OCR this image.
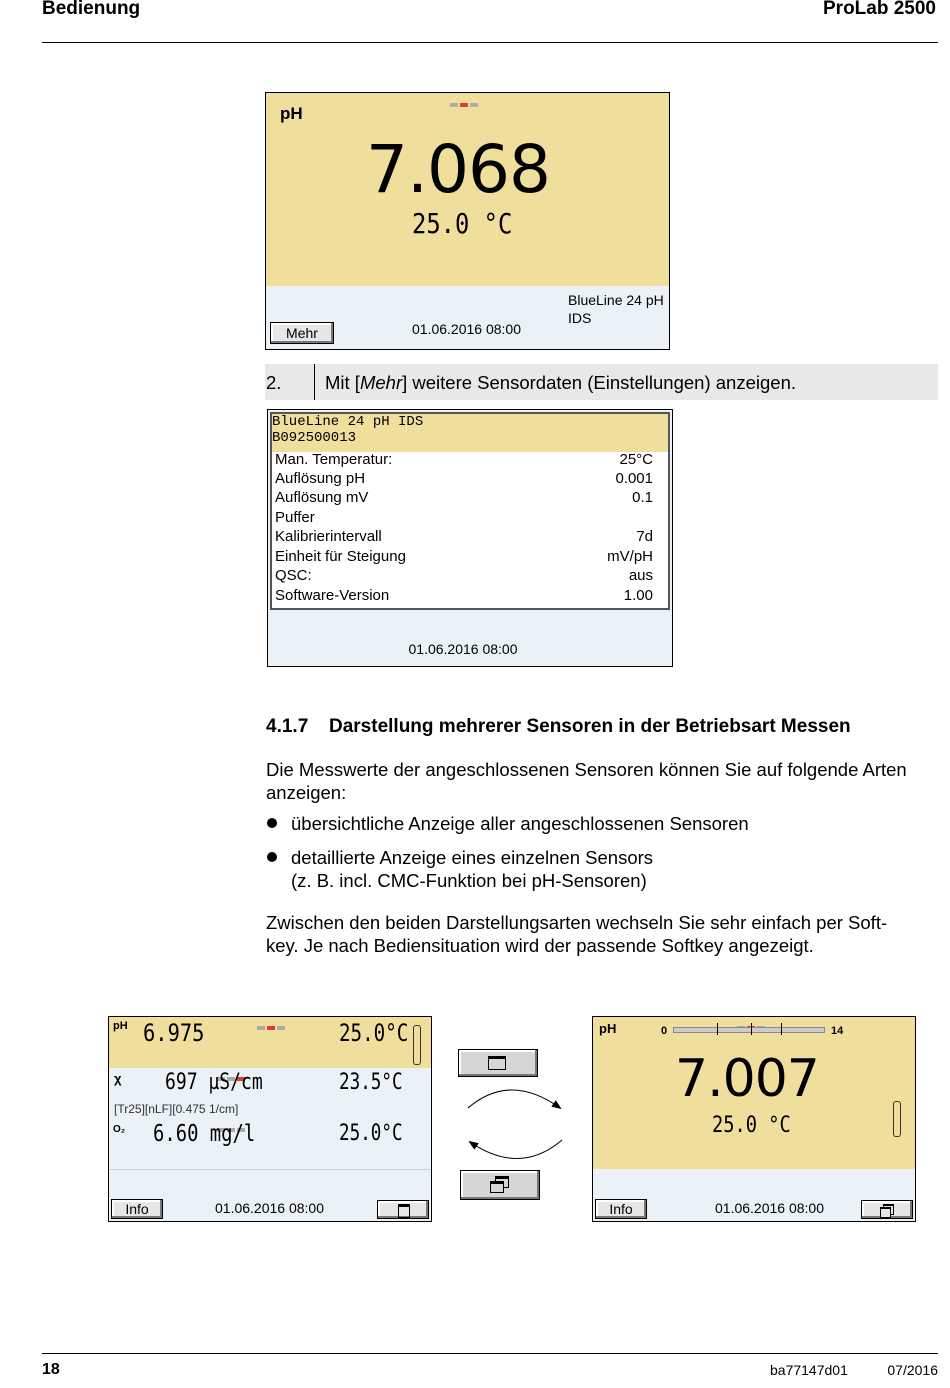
Bedienung	ProLab 2500
pH
7.068
25.0 °C
BlueLine 24 pH
IDS
Mehr	01.06.2016 08:00
2. Mit [Mehr] weitere Sensordaten (Einstellungen) anzeigen.
BlueLine 24 pH IDS
B092500013
01.06.2016 08:00
Man. Temperatur:	25°C
Auflösung pH	0.001
Auflösung mV	0.1
Puffer
Kalibrierintervall	7d
Einheit für Steigung	mV/pH
QSC:	aus
Software-Version	1.00
4.1.7 Darstellung mehrerer Sensoren in der Betriebsart Messen
Die Messwerte der angeschlossenen Sensoren können Sie auf folgende Arten anzeigen:
übersichtliche Anzeige aller angeschlossenen Sensoren
detaillierte Anzeige eines einzelnen Sensors
(z. B. incl. CMC-Funktion bei pH-Sensoren)
Zwischen den beiden Darstellungsarten wechseln Sie sehr einfach per Soft-
key. Je nach Bediensituation wird der passende Softkey angezeigt.
pH 6.975	25.0°C
χ 697 µS/cm	23.5°C
[Tr25][nLF][0.475 1/cm]
O₂ 6.60 mg/l	25.0°C
Info	01.06.2016 08:00
pH	0	14
7.007
25.0 °C
Info	01.06.2016 08:00
18	ba77147d01	07/2016
